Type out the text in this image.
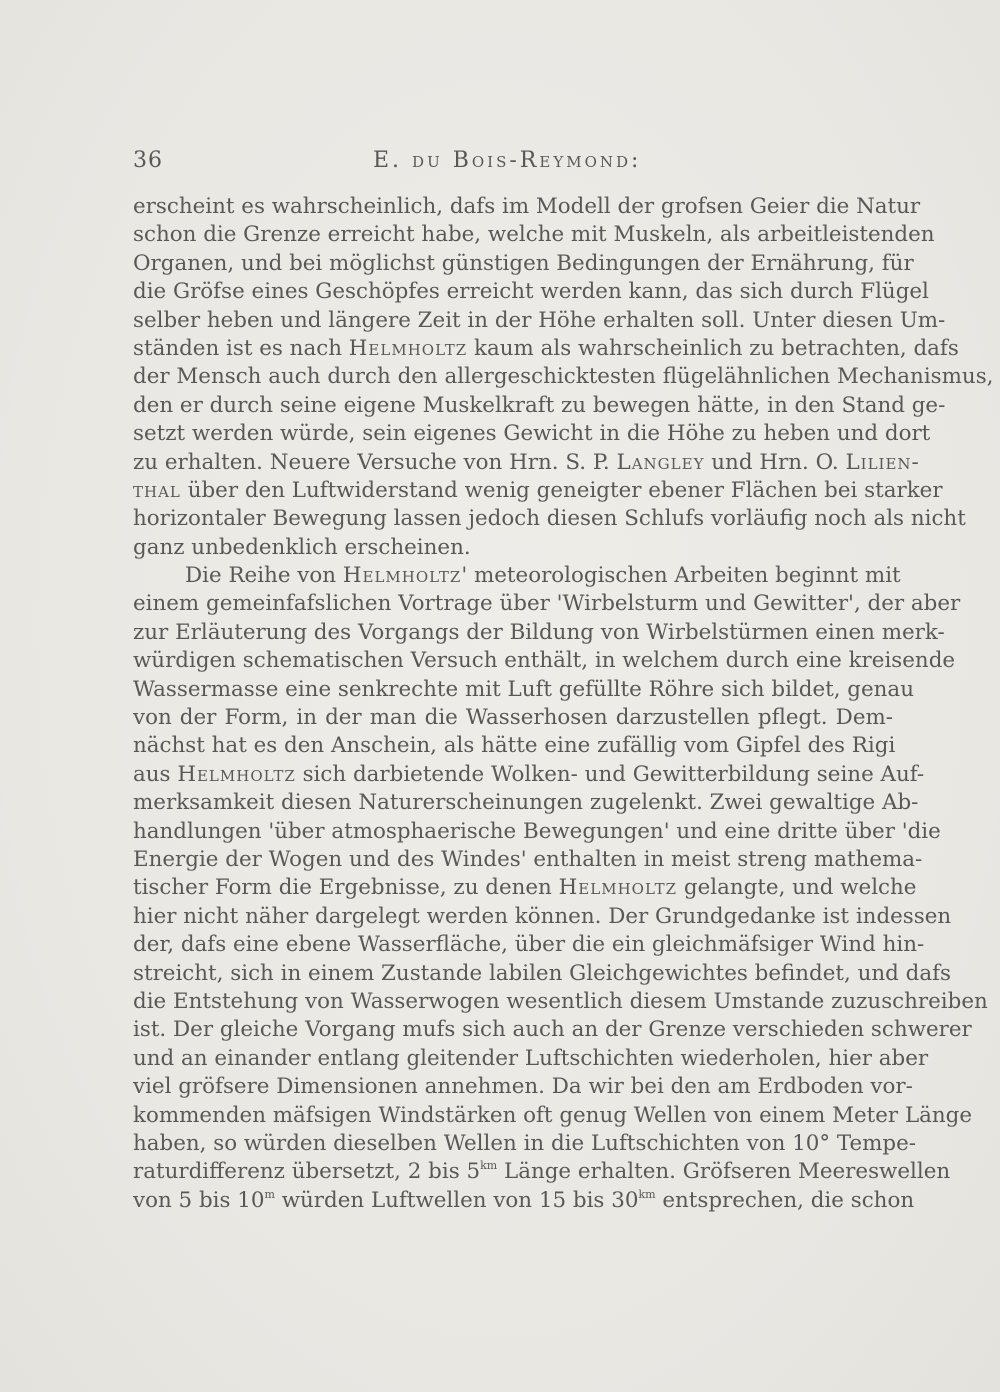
36	E. du Bois-Reymond:
erscheint es wahrscheinlich, dafs im Modell der grofsen Geier die Natur
schon die Grenze erreicht habe, welche mit Muskeln, als arbeitleistenden
Organen, und bei möglichst günstigen Bedingungen der Ernährung, für
die Gröfse eines Geschöpfes erreicht werden kann, das sich durch Flügel
selber heben und längere Zeit in der Höhe erhalten soll. Unter diesen Um-
ständen ist es nach Helmholtz kaum als wahrscheinlich zu betrachten, dafs
der Mensch auch durch den allergeschicktesten flügelähnlichen Mechanismus,
den er durch seine eigene Muskelkraft zu bewegen hätte, in den Stand ge-
setzt werden würde, sein eigenes Gewicht in die Höhe zu heben und dort
zu erhalten. Neuere Versuche von Hrn. S. P. Langley und Hrn. O. Lilien-
thal über den Luftwiderstand wenig geneigter ebener Flächen bei starker
horizontaler Bewegung lassen jedoch diesen Schlufs vorläufig noch als nicht
ganz unbedenklich erscheinen.
Die Reihe von Helmholtz' meteorologischen Arbeiten beginnt mit
einem gemeinfafslichen Vortrage über 'Wirbelsturm und Gewitter', der aber
zur Erläuterung des Vorgangs der Bildung von Wirbelstürmen einen merk-
würdigen schematischen Versuch enthält, in welchem durch eine kreisende
Wassermasse eine senkrechte mit Luft gefüllte Röhre sich bildet, genau
von der Form, in der man die Wasserhosen darzustellen pflegt. Dem-
nächst hat es den Anschein, als hätte eine zufällig vom Gipfel des Rigi
aus Helmholtz sich darbietende Wolken- und Gewitterbildung seine Auf-
merksamkeit diesen Naturerscheinungen zugelenkt. Zwei gewaltige Ab-
handlungen 'über atmosphaerische Bewegungen' und eine dritte über 'die
Energie der Wogen und des Windes' enthalten in meist streng mathema-
tischer Form die Ergebnisse, zu denen Helmholtz gelangte, und welche
hier nicht näher dargelegt werden können. Der Grundgedanke ist indessen
der, dafs eine ebene Wasserfläche, über die ein gleichmäfsiger Wind hin-
streicht, sich in einem Zustande labilen Gleichgewichtes befindet, und dafs
die Entstehung von Wasserwogen wesentlich diesem Umstande zuzuschreiben
ist. Der gleiche Vorgang mufs sich auch an der Grenze verschieden schwerer
und an einander entlang gleitender Luftschichten wiederholen, hier aber
viel gröfsere Dimensionen annehmen. Da wir bei den am Erdboden vor-
kommenden mäfsigen Windstärken oft genug Wellen von einem Meter Länge
haben, so würden dieselben Wellen in die Luftschichten von 10° Tempe-
raturdifferenz übersetzt, 2 bis $5^{km}$ Länge erhalten. Gröfseren Meereswellen
von 5 bis 10$^m$ würden Luftwellen von 15 bis $30^{km}$ entsprechen, die schon
